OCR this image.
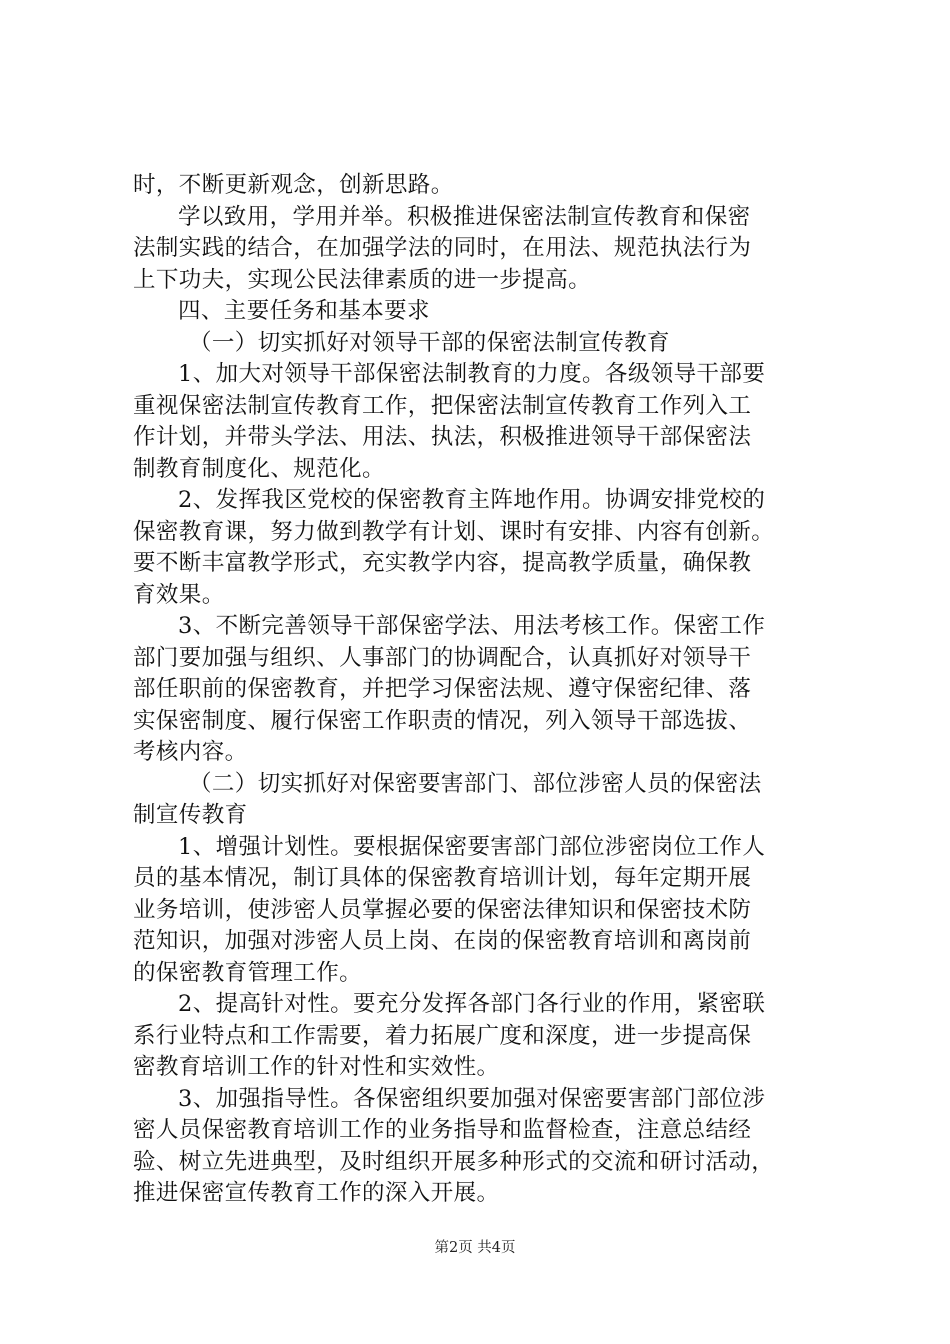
时，不断更新观念，创新思路。
学以致用，学用并举。积极推进保密法制宣传教育和保密
法制实践的结合，在加强学法的同时，在用法、规范执法行为
上下功夫，实现公民法律素质的进一步提高。
四、主要任务和基本要求
（一）切实抓好对领导干部的保密法制宣传教育
1、加大对领导干部保密法制教育的力度。各级领导干部要
重视保密法制宣传教育工作，把保密法制宣传教育工作列入工
作计划，并带头学法、用法、执法，积极推进领导干部保密法
制教育制度化、规范化。
2、发挥我区党校的保密教育主阵地作用。协调安排党校的
保密教育课，努力做到教学有计划、课时有安排、内容有创新。
要不断丰富教学形式，充实教学内容，提高教学质量，确保教
育效果。
3、不断完善领导干部保密学法、用法考核工作。保密工作
部门要加强与组织、人事部门的协调配合，认真抓好对领导干
部任职前的保密教育，并把学习保密法规、遵守保密纪律、落
实保密制度、履行保密工作职责的情况，列入领导干部选拔、
考核内容。
（二）切实抓好对保密要害部门、部位涉密人员的保密法
制宣传教育
1、增强计划性。要根据保密要害部门部位涉密岗位工作人
员的基本情况，制订具体的保密教育培训计划，每年定期开展
业务培训，使涉密人员掌握必要的保密法律知识和保密技术防
范知识，加强对涉密人员上岗、在岗的保密教育培训和离岗前
的保密教育管理工作。
2、提高针对性。要充分发挥各部门各行业的作用，紧密联
系行业特点和工作需要，着力拓展广度和深度，进一步提高保
密教育培训工作的针对性和实效性。
3、加强指导性。各保密组织要加强对保密要害部门部位涉
密人员保密教育培训工作的业务指导和监督检查，注意总结经
验、树立先进典型，及时组织开展多种形式的交流和研讨活动，
推进保密宣传教育工作的深入开展。
第2页 共4页
